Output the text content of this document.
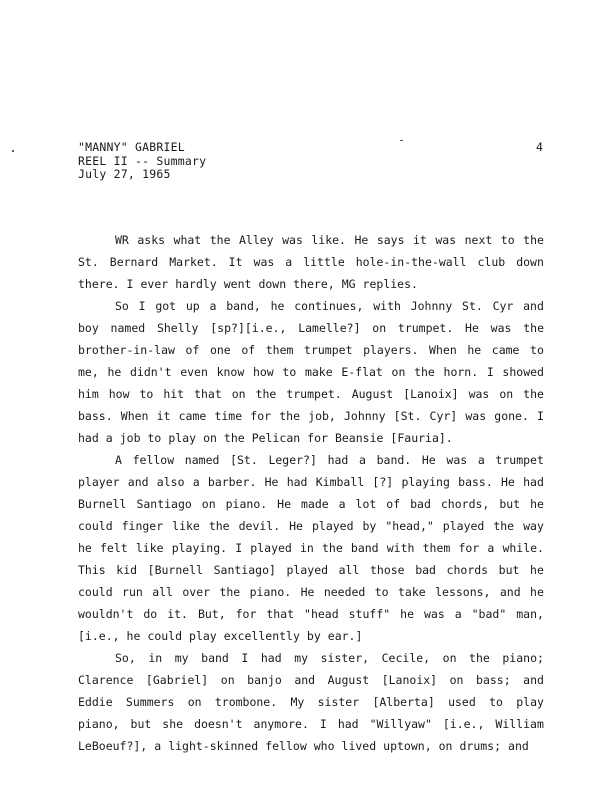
"MANNY" GABRIEL
REEL II -- Summary
July 27, 1965
4
WR asks what the Alley was like. He says it was next to the
St. Bernard Market. It was a little hole-in-the-wall club down
there. I ever hardly went down there, MG replies.
So I got up a band, he continues, with Johnny St. Cyr and
boy named Shelly [sp?][i.e., Lamelle?] on trumpet. He was the
brother-in-law of one of them trumpet players. When he came to
me, he didn't even know how to make E-flat on the horn. I showed
him how to hit that on the trumpet. August [Lanoix] was on the
bass. When it came time for the job, Johnny [St. Cyr] was gone. I
had a job to play on the Pelican for Beansie [Fauria].
A fellow named [St. Leger?] had a band. He was a trumpet
player and also a barber. He had Kimball [?] playing bass. He had
Burnell Santiago on piano. He made a lot of bad chords, but he
could finger like the devil. He played by "head," played the way
he felt like playing. I played in the band with them for a while.
This kid [Burnell Santiago] played all those bad chords but he
could run all over the piano. He needed to take lessons, and he
wouldn't do it. But, for that "head stuff" he was a "bad" man,
[i.e., he could play excellently by ear.]
So, in my band I had my sister, Cecile, on the piano;
Clarence [Gabriel] on banjo and August [Lanoix] on bass; and
Eddie Summers on trombone. My sister [Alberta] used to play
piano, but she doesn't anymore. I had "Willyaw" [i.e., William
LeBoeuf?], a light-skinned fellow who lived uptown, on drums; and
